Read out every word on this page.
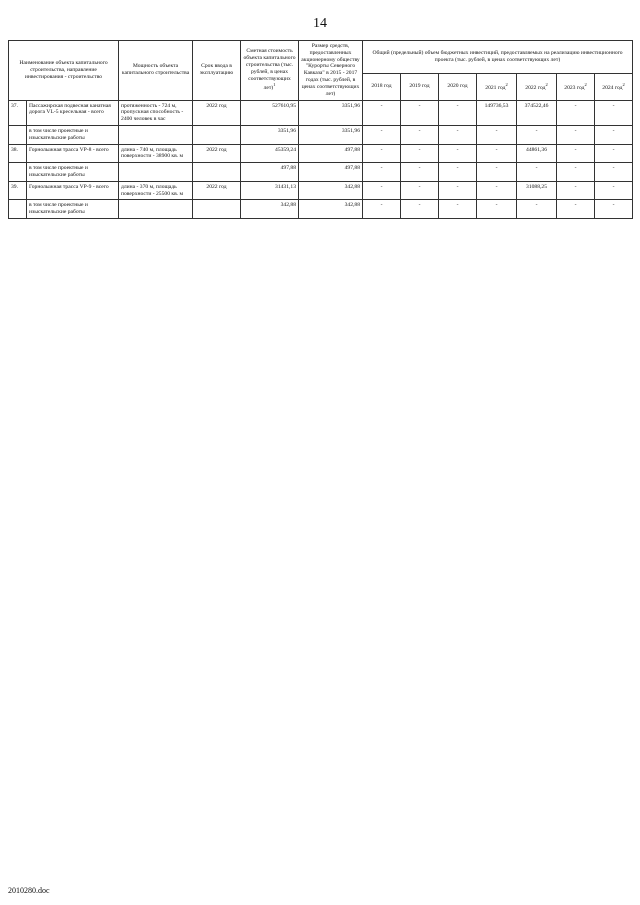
14
Наименование объекта капитального строительства, направление инвестирования - строительство		Мощность объекта капитального строительства	Срок ввода в эксплуатацию	Сметная стоимость объекта капитального строительства (тыс. рублей, в ценах соответствующих лет)$^1$	Размер средств, предоставленных акционерному обществу "Курорты Северного Кавказа" в 2015 - 2017 годах (тыс. рублей, в ценах соответствующих лет)	Общий (предельный) объем бюджетных инвестиций, предоставляемых на реализацию инвестиционного проекта (тыс. рублей, в ценах соответствующих лет)						
						2018 год	2019 год	2020 год	2021 год$^2$	2022 год$^2$	2023 год$^2$	2024 год$^2$
37.	Пассажирская подвесная канатная дорога VL-5 кресельная - всего	протяженность - 724 м, пропускная способность - 2400 человек в час	2022 год	527610,95	3351,96	-	-	-	149736,53	374522,46	-	-
	в том числе проектные и изыскательские работы			3351,96	3351,96	-	-	-	-	-	-	-
38.	Горнолыжная трасса VP-8 - всего	длина - 740 м, площадь поверхности - 38900 кв. м	2022 год	45359,24	497,88	-	-	-	-	44861,36	-	-
	в том числе проектные и изыскательские работы			497,88	497,88	-	-	-	-	-	-	-
39.	Горнолыжная трасса VP-9 - всего	длина - 370 м, площадь поверхности - 25500 кв. м	2022 год	31431,13	342,88	-	-	-	-	31088,25	-	-
	в том числе проектные и изыскательские работы			342,88	342,88	-	-	-	-	-	-	-
2010280.doc
